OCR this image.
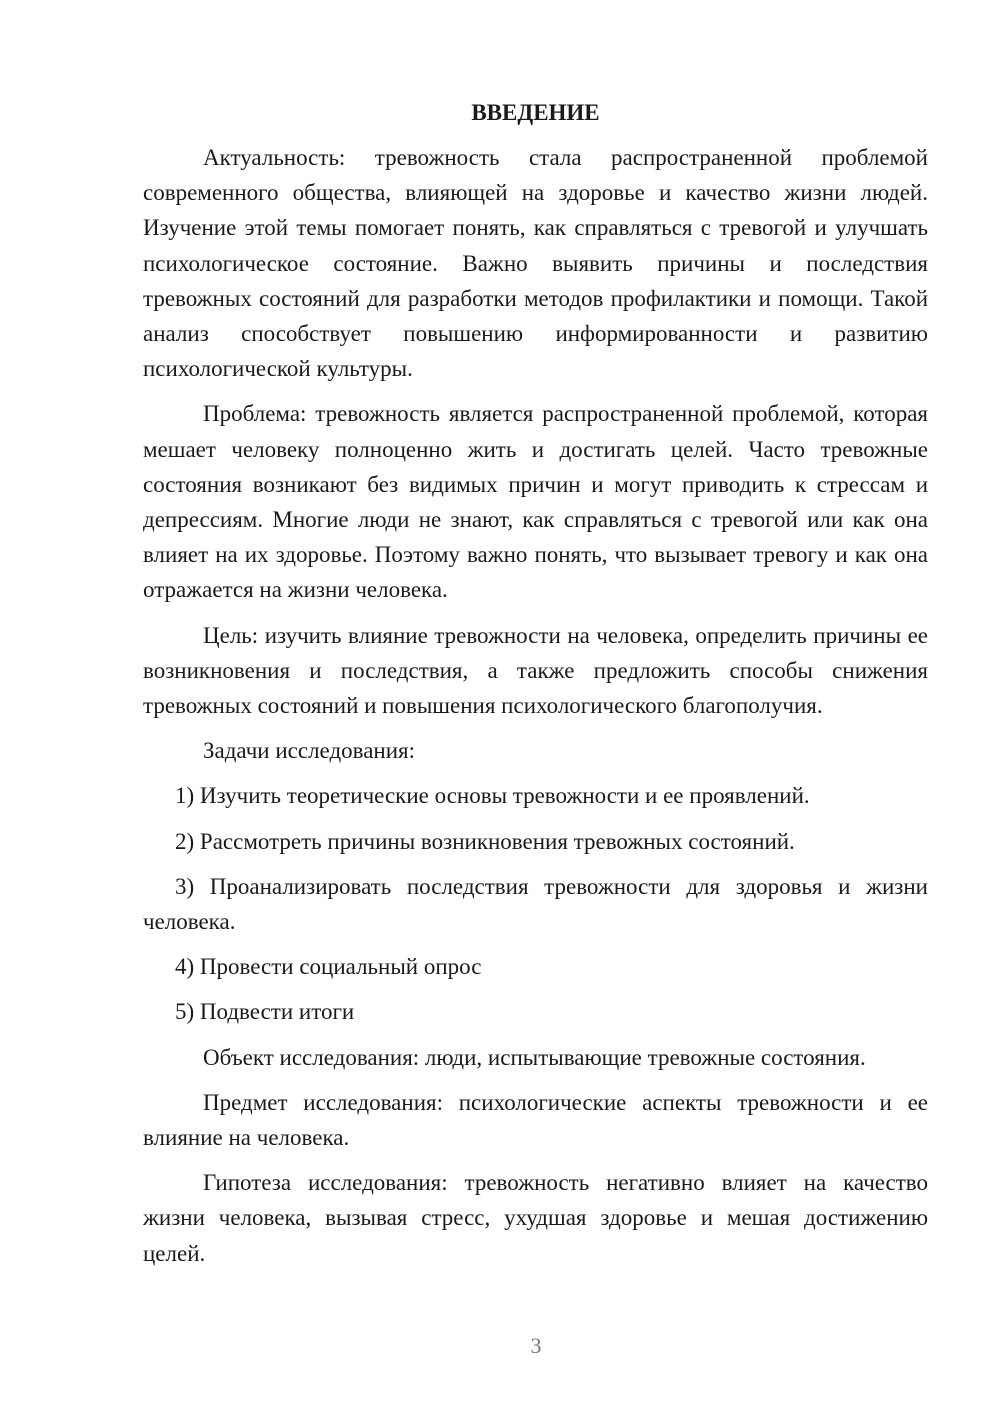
ВВЕДЕНИЕ

Актуальность: тревожность стала распространенной проблемой современного общества, влияющей на здоровье и качество жизни людей. Изучение этой темы помогает понять, как справляться с тревогой и улучшать психологическое состояние. Важно выявить причины и последствия тревожных состояний для разработки методов профилактики и помощи. Такой анализ способствует повышению информированности и развитию психологической культуры.

Проблема: тревожность является распространенной проблемой, которая мешает человеку полноценно жить и достигать целей. Часто тревожные состояния возникают без видимых причин и могут приводить к стрессам и депрессиям. Многие люди не знают, как справляться с тревогой или как она влияет на их здоровье. Поэтому важно понять, что вызывает тревогу и как она отражается на жизни человека.

Цель: изучить влияние тревожности на человека, определить причины ее возникновения и последствия, а также предложить способы снижения тревожных состояний и повышения психологического благополучия.

Задачи исследования:

1) Изучить теоретические основы тревожности и ее проявлений.

2) Рассмотреть причины возникновения тревожных состояний.

3) Проанализировать последствия тревожности для здоровья и жизни человека.

4) Провести социальный опрос

5) Подвести итоги

Объект исследования: люди, испытывающие тревожные состояния.

Предмет исследования: психологические аспекты тревожности и ее влияние на человека.

Гипотеза исследования: тревожность негативно влияет на качество жизни человека, вызывая стресс, ухудшая здоровье и мешая достижению целей.

3
